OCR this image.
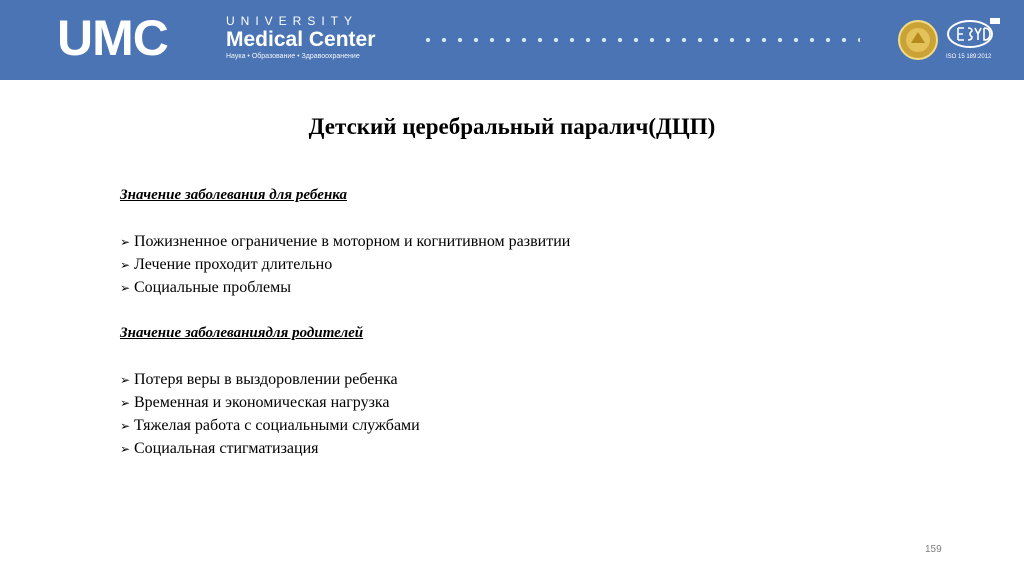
UMC	UNIVERSITY
Medical Center
Наука • Образование • Здравоохранение	ISO 15 189:2012
Детский церебральный паралич(ДЦП)
Значение заболевания для ребенка
➢ Пожизненное ограничение в моторном и когнитивном развитии
➢ Лечение проходит длительно
➢ Социальные проблемы
Значение заболеваниядля родителей
➢ Потеря веры в выздоровлении ребенка
➢ Временная и экономическая нагрузка
➢ Тяжелая работа с социальными службами
➢ Социальная стигматизация
159
